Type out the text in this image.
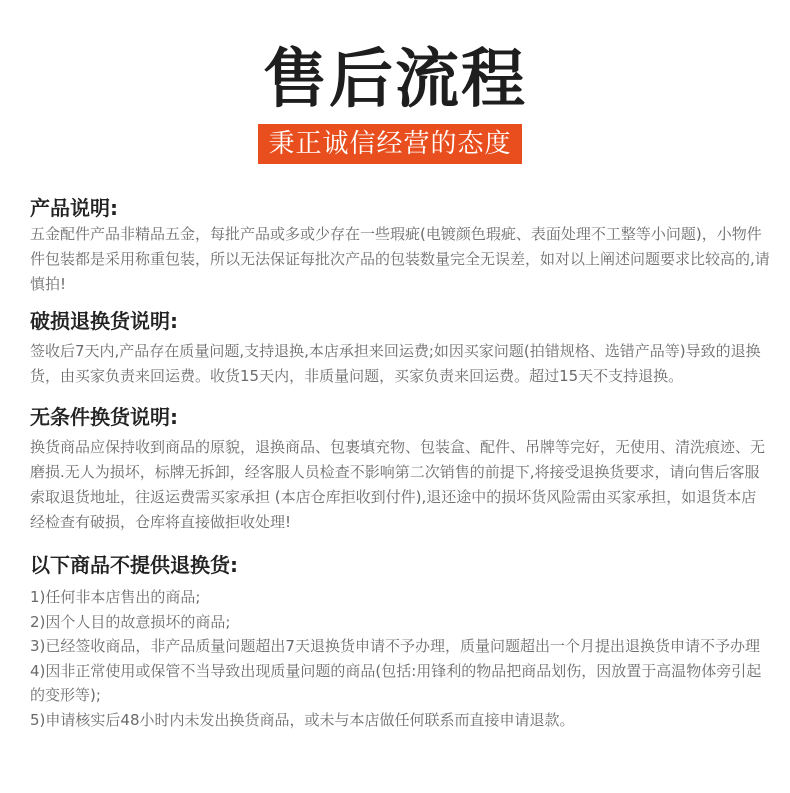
售后流程
秉正诚信经营的态度

产品说明:

五金配件产品非精品五金，每批产品或多或少存在一些瑕疵(电镀颜色瑕疵、表面处理不工整等小问题)，小物件件包装都是采用称重包装，所以无法保证每批次产品的包装数量完全无误差，如对以上阐述问题要求比较高的,请慎拍!

破损退换货说明:

签收后7天内,产品存在质量问题,支持退换,本店承担来回运费;如因买家问题(拍错规格、选错产品等)导致的退换货，由买家负责来回运费。收货15天内，非质量问题，买家负责来回运费。超过15天不支持退换。

无条件换货说明:

换货商品应保持收到商品的原貌，退换商品、包裹填充物、包装盒、配件、吊牌等完好，无使用、清洗痕迹、无磨损.无人为损坏，标牌无拆卸，经客服人员检查不影响第二次销售的前提下,将接受退换货要求，请向售后客服索取退货地址，往返运费需买家承担 (本店仓库拒收到付件),退还途中的损坏货风险需由买家承担，如退货本店经检查有破损，仓库将直接做拒收处理!

以下商品不提供退换货:

1)任何非本店售出的商品;

2)因个人目的故意损坏的商品;

3)已经签收商品，非产品质量问题超出7天退换货申请不予办理，质量问题超出一个月提出退换货申请不予办理

4)因非正常使用或保管不当导致出现质量问题的商品(包括:用锋利的物品把商品划伤，因放置于高温物体旁引起的变形等);

5)申请核实后48小时内未发出换货商品，或未与本店做任何联系而直接申请退款。
